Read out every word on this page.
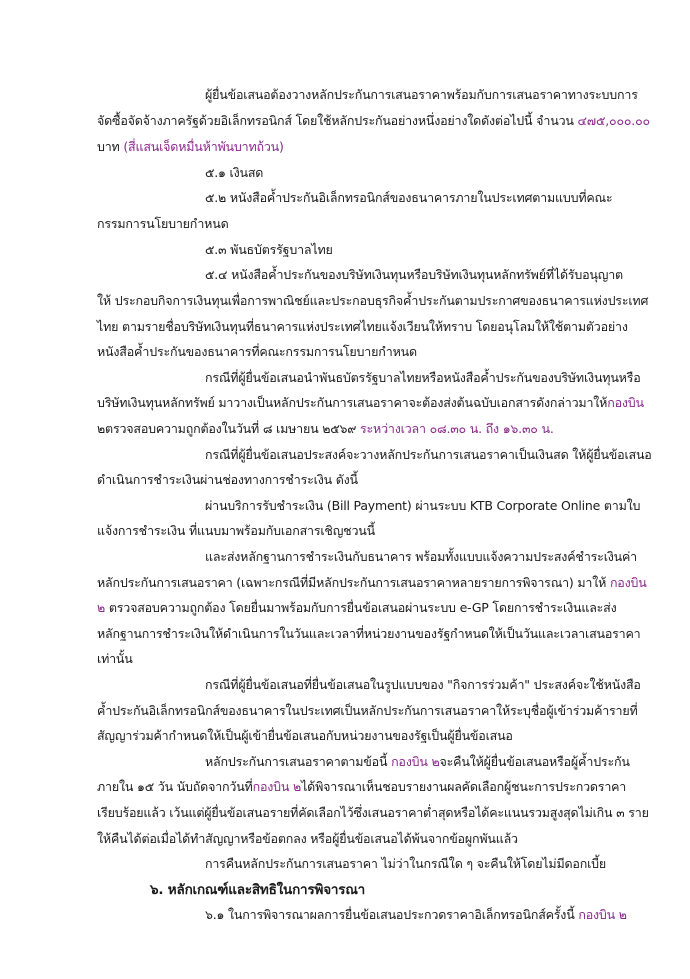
ผู้ยื่นข้อเสนอต้องวางหลักประกันการเสนอราคาพร้อมกับการเสนอราคาทางระบบการ
จัดซื้อจัดจ้างภาครัฐด้วยอิเล็กทรอนิกส์ โดยใช้หลักประกันอย่างหนึ่งอย่างใดดังต่อไปนี้ จำนวน ๔๗๕,๐๐๐.๐๐
บาท (สี่แสนเจ็ดหมื่นห้าพันบาทถ้วน)
๕.๑ เงินสด
๕.๒ หนังสือค้ำประกันอิเล็กทรอนิกส์ของธนาคารภายในประเทศตามแบบที่คณะ
กรรมการนโยบายกำหนด
๕.๓ พันธบัตรรัฐบาลไทย
๕.๔ หนังสือค้ำประกันของบริษัทเงินทุนหรือบริษัทเงินทุนหลักทรัพย์ที่ได้รับอนุญาต
ให้ ประกอบกิจการเงินทุนเพื่อการพาณิชย์และประกอบธุรกิจค้ำประกันตามประกาศของธนาคารแห่งประเทศ
ไทย ตามรายชื่อบริษัทเงินทุนที่ธนาคารแห่งประเทศไทยแจ้งเวียนให้ทราบ โดยอนุโลมให้ใช้ตามตัวอย่าง
หนังสือค้ำประกันของธนาคารที่คณะกรรมการนโยบายกำหนด
กรณีที่ผู้ยื่นข้อเสนอนำพันธบัตรรัฐบาลไทยหรือหนังสือค้ำประกันของบริษัทเงินทุนหรือ
บริษัทเงินทุนหลักทรัพย์ มาวางเป็นหลักประกันการเสนอราคาจะต้องส่งต้นฉบับเอกสารดังกล่าวมาให้กองบิน
๒ตรวจสอบความถูกต้องในวันที่ ๘ เมษายน ๒๕๖๙ ระหว่างเวลา ๐๘.๓๐ น. ถึง ๑๖.๓๐ น.
กรณีที่ผู้ยื่นข้อเสนอประสงค์จะวางหลักประกันการเสนอราคาเป็นเงินสด ให้ผู้ยื่นข้อเสนอ
ดำเนินการชำระเงินผ่านช่องทางการชำระเงิน ดังนี้
ผ่านบริการรับชำระเงิน (Bill Payment) ผ่านระบบ KTB Corporate Online ตามใบ
แจ้งการชำระเงิน ที่แนบมาพร้อมกับเอกสารเชิญชวนนี้
และส่งหลักฐานการชำระเงินกับธนาคาร พร้อมทั้งแบบแจ้งความประสงค์ชำระเงินค่า
หลักประกันการเสนอราคา (เฉพาะกรณีที่มีหลักประกันการเสนอราคาหลายรายการพิจารณา) มาให้ กองบิน
๒ ตรวจสอบความถูกต้อง โดยยื่นมาพร้อมกับการยื่นข้อเสนอผ่านระบบ e-GP โดยการชำระเงินและส่ง
หลักฐานการชำระเงินให้ดำเนินการในวันและเวลาที่หน่วยงานของรัฐกำหนดให้เป็นวันและเวลาเสนอราคา
เท่านั้น
กรณีที่ผู้ยื่นข้อเสนอที่ยื่นข้อเสนอในรูปแบบของ "กิจการร่วมค้า" ประสงค์จะใช้หนังสือ
ค้ำประกันอิเล็กทรอนิกส์ของธนาคารในประเทศเป็นหลักประกันการเสนอราคาให้ระบุชื่อผู้เข้าร่วมค้ารายที่
สัญญาร่วมค้ากำหนดให้เป็นผู้เข้ายื่นข้อเสนอกับหน่วยงานของรัฐเป็นผู้ยื่นข้อเสนอ
หลักประกันการเสนอราคาตามข้อนี้ กองบิน ๒จะคืนให้ผู้ยื่นข้อเสนอหรือผู้ค้ำประกัน
ภายใน ๑๕ วัน นับถัดจากวันที่กองบิน ๒ได้พิจารณาเห็นชอบรายงานผลคัดเลือกผู้ชนะการประกวดราคา
เรียบร้อยแล้ว เว้นแต่ผู้ยื่นข้อเสนอรายที่คัดเลือกไว้ซึ่งเสนอราคาต่ำสุดหรือได้คะแนนรวมสูงสุดไม่เกิน ๓ ราย
ให้คืนได้ต่อเมื่อได้ทำสัญญาหรือข้อตกลง หรือผู้ยื่นข้อเสนอได้พ้นจากข้อผูกพันแล้ว
การคืนหลักประกันการเสนอราคา ไม่ว่าในกรณีใด ๆ จะคืนให้โดยไม่มีดอกเบี้ย
๖. หลักเกณฑ์และสิทธิในการพิจารณา
๖.๑ ในการพิจารณาผลการยื่นข้อเสนอประกวดราคาอิเล็กทรอนิกส์ครั้งนี้ กองบิน ๒
